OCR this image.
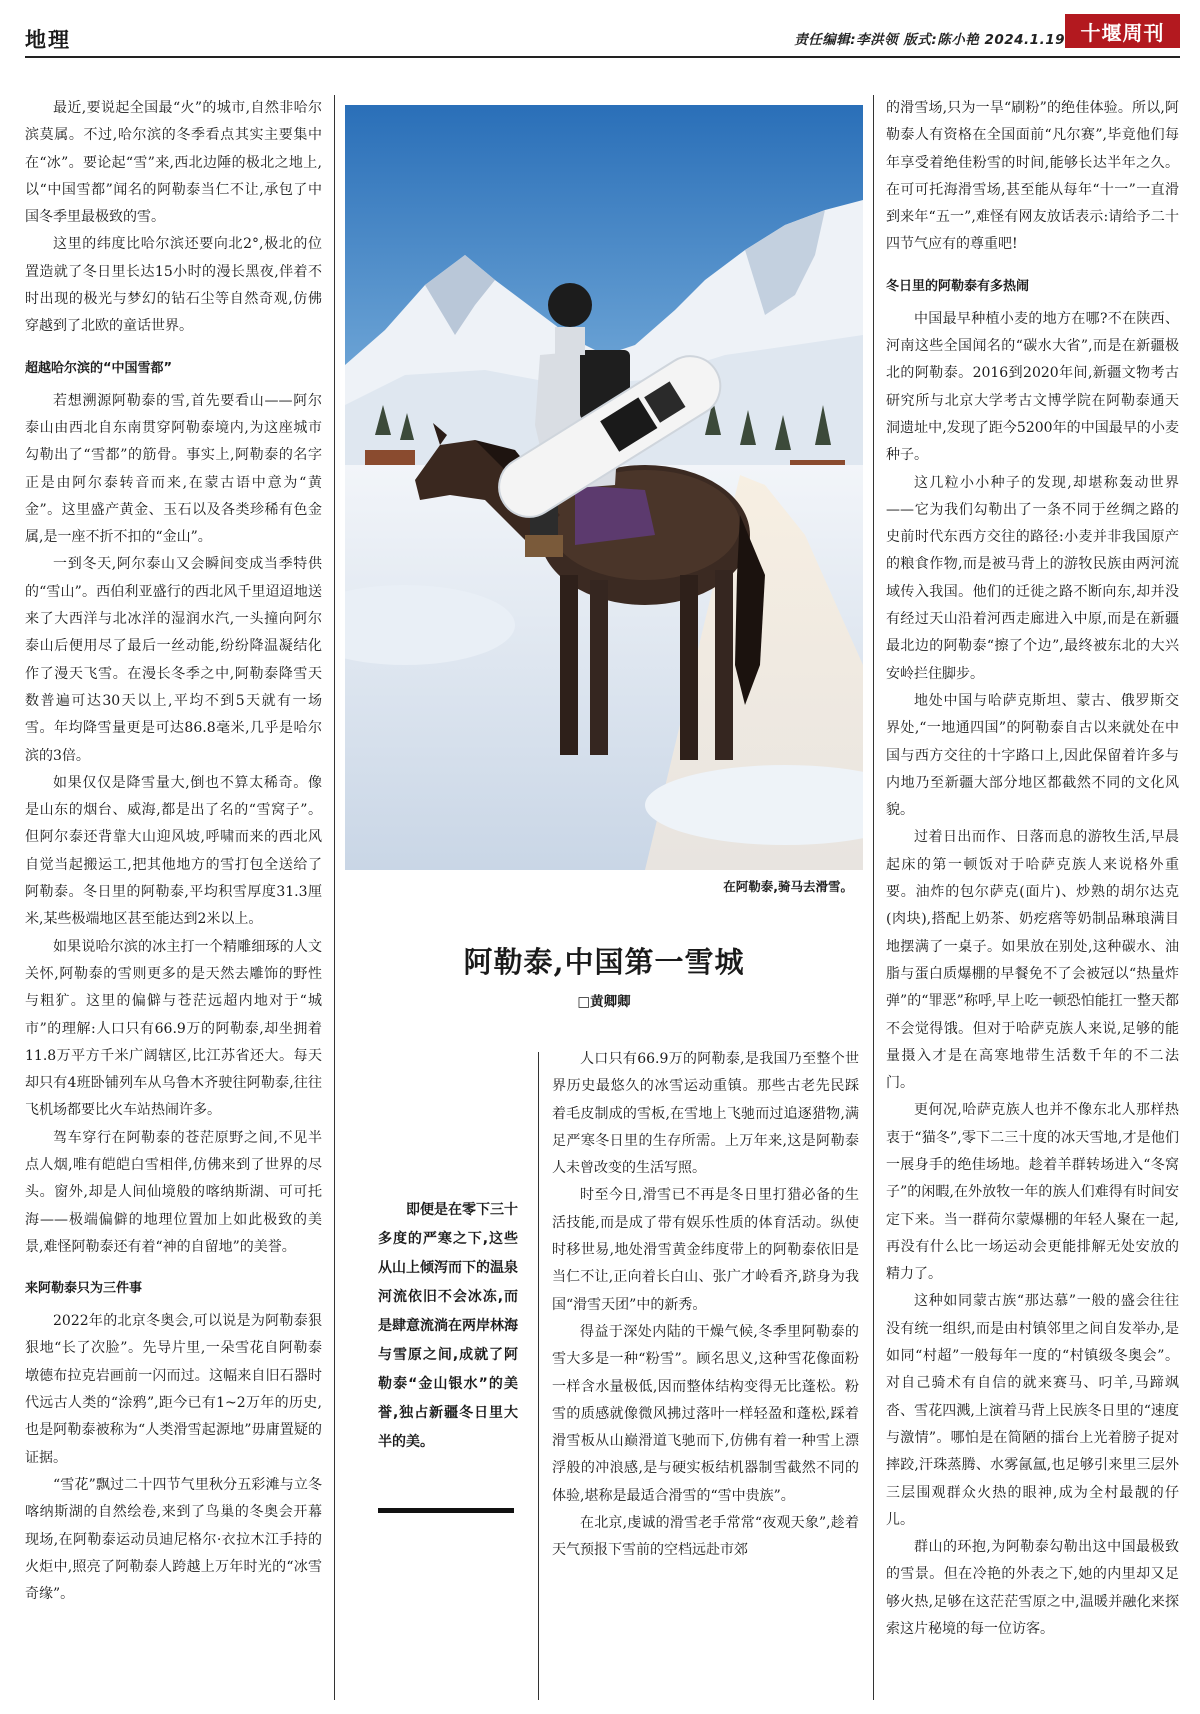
地理	责任编辑:李洪领 版式:陈小艳 2024.1.19 十堰周刊

最近,要说起全国最“火”的城市,自然非哈尔滨莫属。不过,哈尔滨的冬季看点其实主要集中在“冰”。要论起“雪”来,西北边陲的极北之地上,以“中国雪都”闻名的阿勒泰当仁不让,承包了中国冬季里最极致的雪。

这里的纬度比哈尔滨还要向北2°,极北的位置造就了冬日里长达15小时的漫长黑夜,伴着不时出现的极光与梦幻的钻石尘等自然奇观,仿佛穿越到了北欧的童话世界。

超越哈尔滨的“中国雪都”

若想溯源阿勒泰的雪,首先要看山——阿尔泰山由西北自东南贯穿阿勒泰境内,为这座城市勾勒出了“雪都”的筋骨。事实上,阿勒泰的名字正是由阿尔泰转音而来,在蒙古语中意为“黄金”。这里盛产黄金、玉石以及各类珍稀有色金属,是一座不折不扣的“金山”。

一到冬天,阿尔泰山又会瞬间变成当季特供的“雪山”。西伯利亚盛行的西北风千里迢迢地送来了大西洋与北冰洋的湿润水汽,一头撞向阿尔泰山后便用尽了最后一丝动能,纷纷降温凝结化作了漫天飞雪。在漫长冬季之中,阿勒泰降雪天数普遍可达30天以上,平均不到5天就有一场雪。年均降雪量更是可达86.8毫米,几乎是哈尔滨的3倍。

如果仅仅是降雪量大,倒也不算太稀奇。像是山东的烟台、威海,都是出了名的“雪窝子”。但阿尔泰还背靠大山迎风坡,呼啸而来的西北风自觉当起搬运工,把其他地方的雪打包全送给了阿勒泰。冬日里的阿勒泰,平均积雪厚度31.3厘米,某些极端地区甚至能达到2米以上。

如果说哈尔滨的冰主打一个精雕细琢的人文关怀,阿勒泰的雪则更多的是天然去雕饰的野性与粗犷。这里的偏僻与苍茫远超内地对于“城市”的理解:人口只有66.9万的阿勒泰,却坐拥着11.8万平方千米广阔辖区,比江苏省还大。每天却只有4班卧铺列车从乌鲁木齐驶往阿勒泰,往往飞机场都要比火车站热闹许多。

驾车穿行在阿勒泰的苍茫原野之间,不见半点人烟,唯有皑皑白雪相伴,仿佛来到了世界的尽头。窗外,却是人间仙境般的喀纳斯湖、可可托海——极端偏僻的地理位置加上如此极致的美景,难怪阿勒泰还有着“神的自留地”的美誉。

来阿勒泰只为三件事

2022年的北京冬奥会,可以说是为阿勒泰狠狠地“长了次脸”。先导片里,一朵雪花自阿勒泰墩德布拉克岩画前一闪而过。这幅来自旧石器时代远古人类的“涂鸦”,距今已有1~2万年的历史,也是阿勒泰被称为“人类滑雪起源地”毋庸置疑的证据。

“雪花”飘过二十四节气里秋分五彩滩与立冬喀纳斯湖的自然绘卷,来到了鸟巢的冬奥会开幕现场,在阿勒泰运动员迪尼格尔·衣拉木江手持的火炬中,照亮了阿勒泰人跨越上万年时光的“冰雪奇缘”。

在阿勒泰,骑马去滑雪。
阿勒泰,中国第一雪城
□黄卿卿
即便是在零下三十多度的严寒之下,这些从山上倾泻而下的温泉河流依旧不会冰冻,而是肆意流淌在两岸林海与雪原之间,成就了阿勒泰“金山银水”的美誉,独占新疆冬日里大半的美。

人口只有66.9万的阿勒泰,是我国乃至整个世界历史最悠久的冰雪运动重镇。那些古老先民踩着毛皮制成的雪板,在雪地上飞驰而过追逐猎物,满足严寒冬日里的生存所需。上万年来,这是阿勒泰人未曾改变的生活写照。

时至今日,滑雪已不再是冬日里打猎必备的生活技能,而是成了带有娱乐性质的体育活动。纵使时移世易,地处滑雪黄金纬度带上的阿勒泰依旧是当仁不让,正向着长白山、张广才岭看齐,跻身为我国“滑雪天团”中的新秀。

得益于深处内陆的干燥气候,冬季里阿勒泰的雪大多是一种“粉雪”。顾名思义,这种雪花像面粉一样含水量极低,因而整体结构变得无比蓬松。粉雪的质感就像微风拂过落叶一样轻盈和蓬松,踩着滑雪板从山巅滑道飞驰而下,仿佛有着一种雪上漂浮般的冲浪感,是与硬实板结机器制雪截然不同的体验,堪称是最适合滑雪的“雪中贵族”。

在北京,虔诚的滑雪老手常常“夜观天象”,趁着天气预报下雪前的空档远赴市郊

的滑雪场,只为一旱“刷粉”的绝佳体验。所以,阿勒泰人有资格在全国面前“凡尔赛”,毕竟他们每年享受着绝佳粉雪的时间,能够长达半年之久。在可可托海滑雪场,甚至能从每年“十一”一直滑到来年“五一”,难怪有网友放话表示:请给予二十四节气应有的尊重吧!

冬日里的阿勒泰有多热闹

中国最早种植小麦的地方在哪?不在陕西、河南这些全国闻名的“碳水大省”,而是在新疆极北的阿勒泰。2016到2020年间,新疆文物考古研究所与北京大学考古文博学院在阿勒泰通天洞遗址中,发现了距今5200年的中国最早的小麦种子。

这几粒小小种子的发现,却堪称轰动世界——它为我们勾勒出了一条不同于丝绸之路的史前时代东西方交往的路径:小麦并非我国原产的粮食作物,而是被马背上的游牧民族由两河流域传入我国。他们的迁徙之路不断向东,却并没有经过天山沿着河西走廊进入中原,而是在新疆最北边的阿勒泰“擦了个边”,最终被东北的大兴安岭拦住脚步。

地处中国与哈萨克斯坦、蒙古、俄罗斯交界处,“一地通四国”的阿勒泰自古以来就处在中国与西方交往的十字路口上,因此保留着许多与内地乃至新疆大部分地区都截然不同的文化风貌。

过着日出而作、日落而息的游牧生活,早晨起床的第一顿饭对于哈萨克族人来说格外重要。油炸的包尔萨克(面片)、炒熟的胡尔达克(肉块),搭配上奶茶、奶疙瘩等奶制品琳琅满目地摆满了一桌子。如果放在别处,这种碳水、油脂与蛋白质爆棚的早餐免不了会被冠以“热量炸弹”的“罪恶”称呼,早上吃一顿恐怕能扛一整天都不会觉得饿。但对于哈萨克族人来说,足够的能量摄入才是在高寒地带生活数千年的不二法门。

更何况,哈萨克族人也并不像东北人那样热衷于“猫冬”,零下二三十度的冰天雪地,才是他们一展身手的绝佳场地。趁着羊群转场进入“冬窝子”的闲暇,在外放牧一年的族人们难得有时间安定下来。当一群荷尔蒙爆棚的年轻人聚在一起,再没有什么比一场运动会更能排解无处安放的精力了。

这种如同蒙古族“那达慕”一般的盛会往往没有统一组织,而是由村镇邻里之间自发举办,是如同“村超”一般每年一度的“村镇级冬奥会”。对自己骑术有自信的就来赛马、叼羊,马蹄飒沓、雪花四溅,上演着马背上民族冬日里的“速度与激情”。哪怕是在简陋的擂台上光着膀子捉对摔跤,汗珠蒸腾、水雾氤氲,也足够引来里三层外三层围观群众火热的眼神,成为全村最靓的仔儿。

群山的环抱,为阿勒泰勾勒出这中国最极致的雪景。但在冷艳的外表之下,她的内里却又足够火热,足够在这茫茫雪原之中,温暖并融化来探索这片秘境的每一位访客。
